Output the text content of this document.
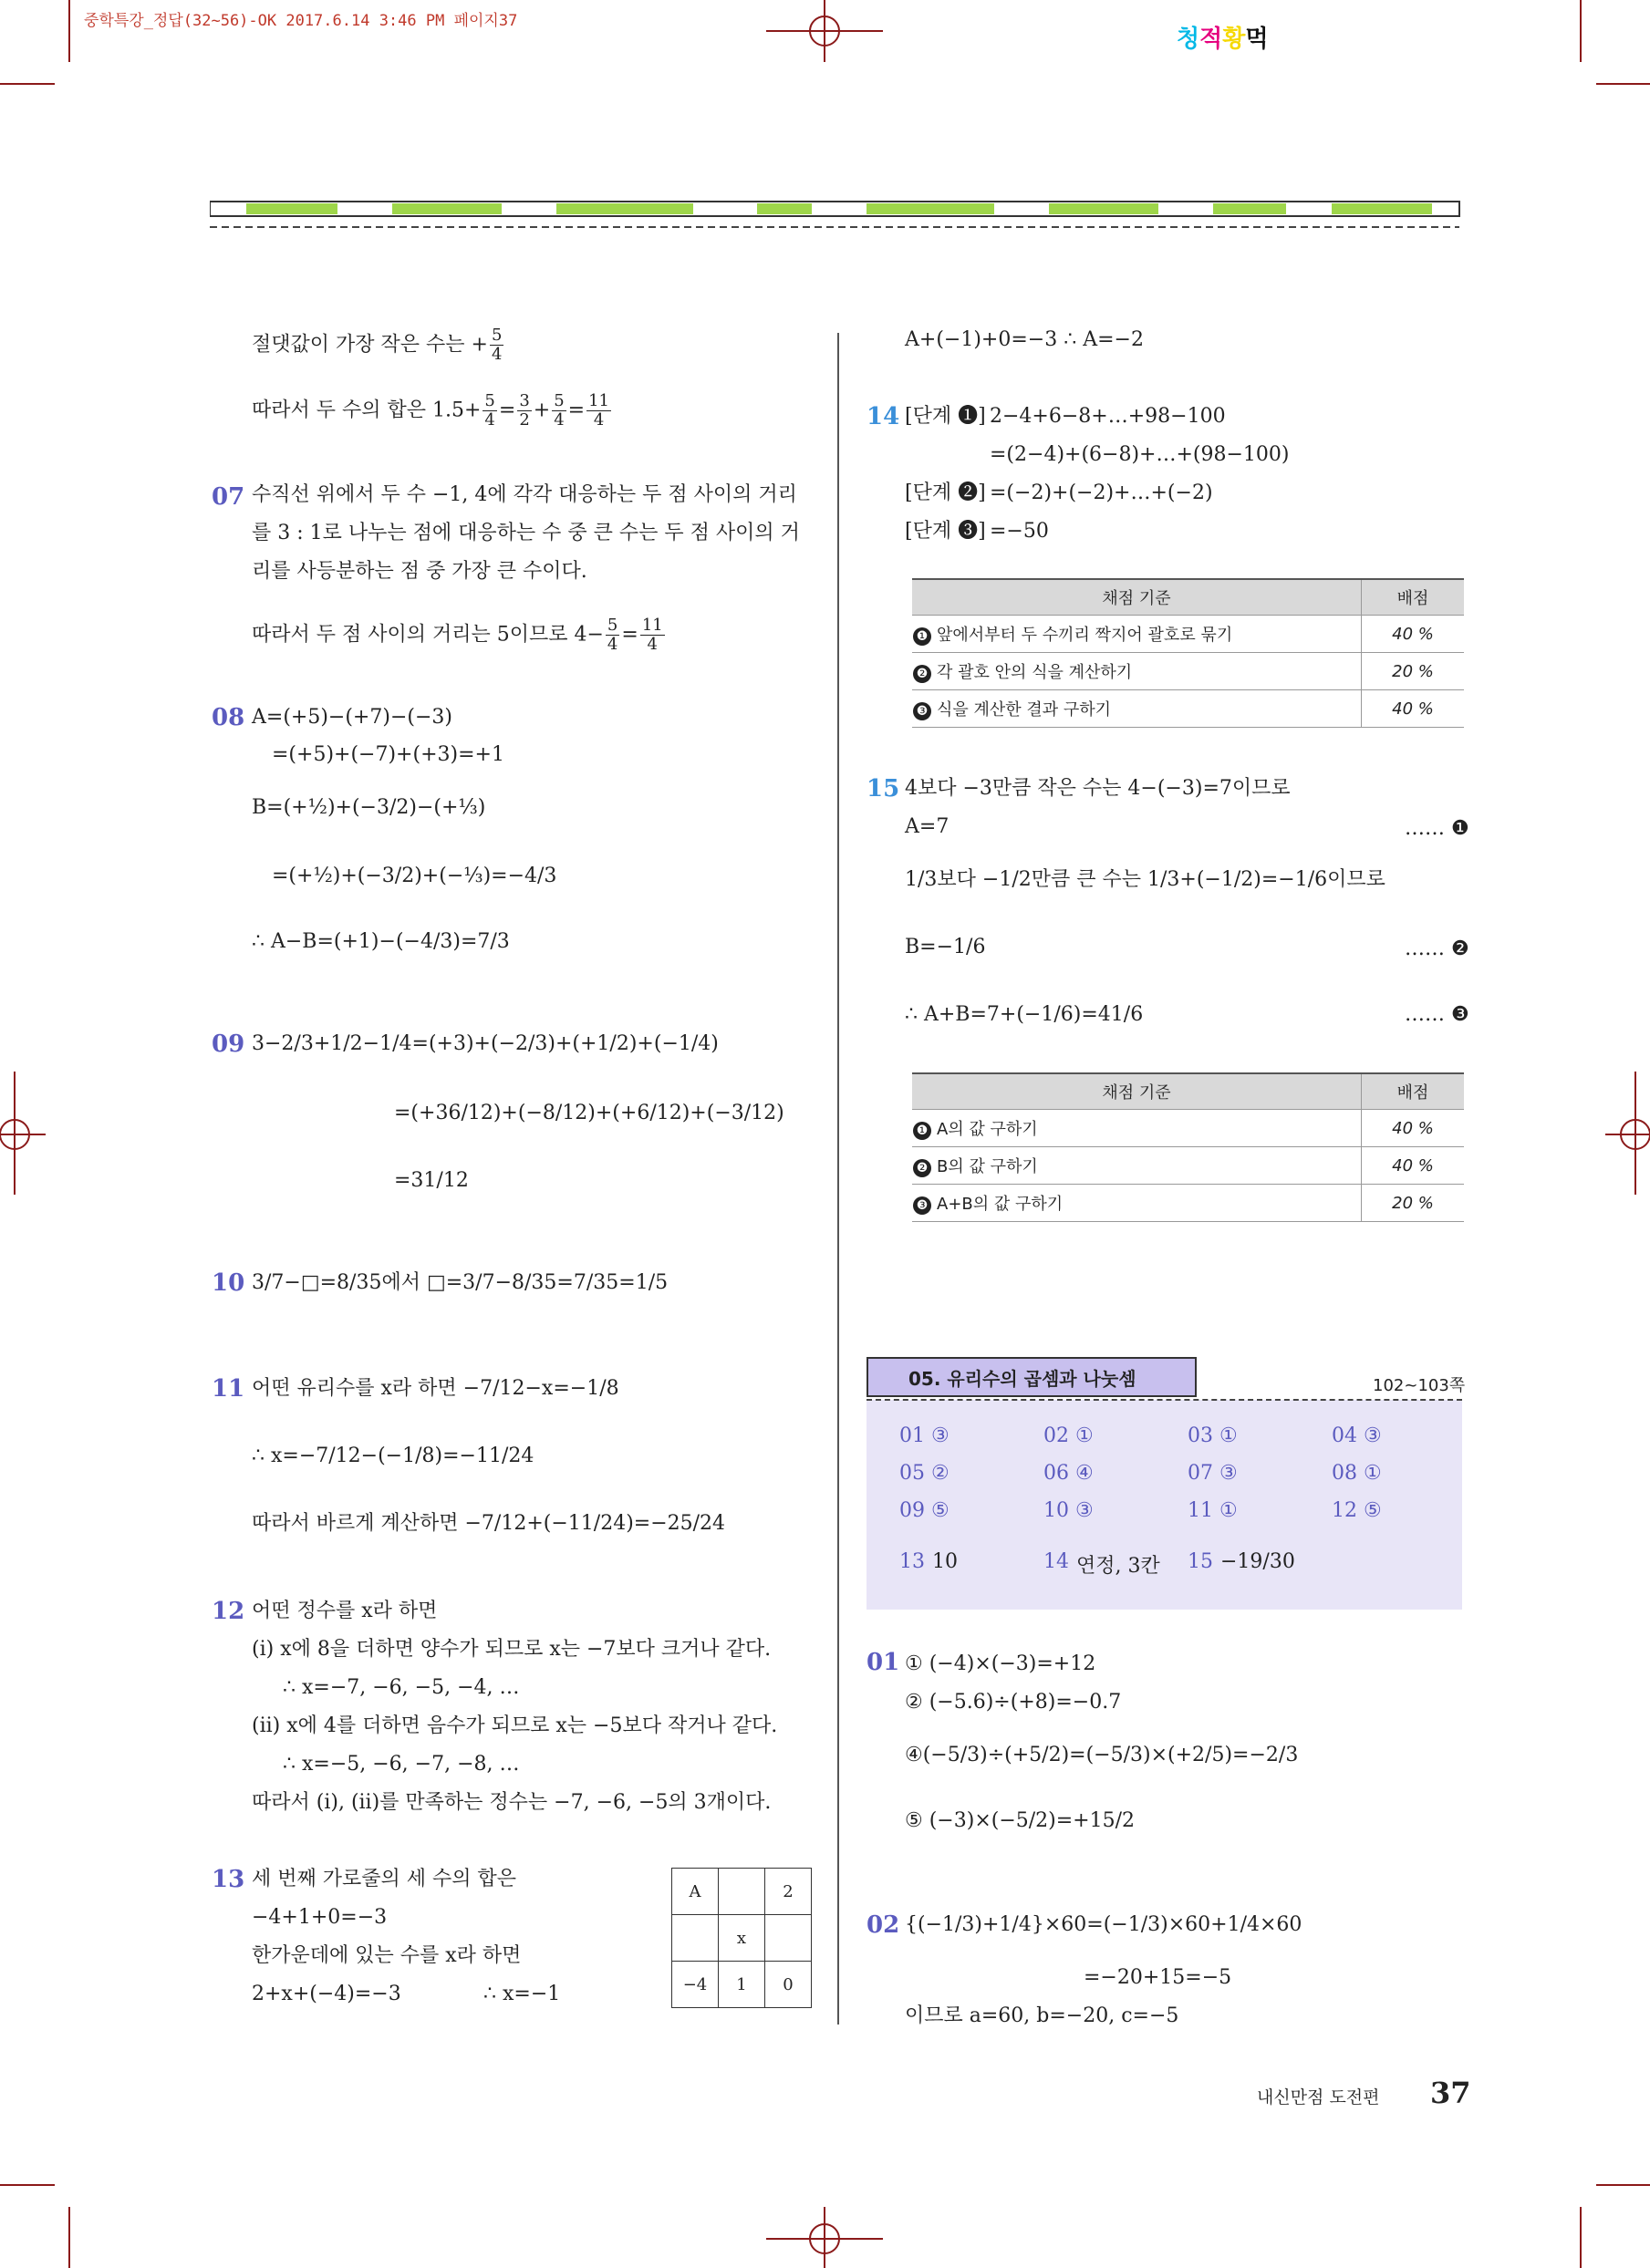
중학특강_정답(32~56)-OK 2017.6.14 3:46 PM 페이지37
청적황먹
절댓값이 가장 작은 수는 + $\frac{5}{4}$
따라서 두 수의 합은 $1.5+ \frac{5}{4} = \frac{3}{2} + \frac{5}{4} = \frac{11}{4}$
07 수직선 위에서 두 수 −1, 4에 각각 대응하는 두 점 사이의 거리
를 3 : 1로 나누는 점에 대응하는 수 중 큰 수는 두 점 사이의 거
리를 사등분하는 점 중 가장 큰 수이다.
따라서 두 점 사이의 거리는 5이므로 $4- \frac{5}{4} = \frac{11}{4}$
08 A=(+5)−(+7)−(−3)
=(+5)+(−7)+(+3)=+1
B=(+½)+(−3/2)−(+⅓)
=(+½)+(−3/2)+(−⅓)=−4/3
∴ A−B=(+1)−(−4/3)=7/3
09 3−2/3+1/2−1/4=(+3)+(−2/3)+(+1/2)+(−1/4)
=(+36/12)+(−8/12)+(+6/12)+(−3/12)
=31/12
10 3/7−□=8/35에서 □=3/7−8/35=7/35=1/5
11 어떤 유리수를 x라 하면 −7/12−x=−1/8
∴ x=−7/12−(−1/8)=−11/24
따라서 바르게 계산하면 −7/12+(−11/24)=−25/24
12 어떤 정수를 x라 하면
(i) x에 8을 더하면 양수가 되므로 x는 −7보다 크거나 같다.
∴ x=−7, −6, −5, −4, …
(ii) x에 4를 더하면 음수가 되므로 x는 −5보다 작거나 같다.
∴ x=−5, −6, −7, −8, …
따라서 (i), (ii)를 만족하는 정수는 −7, −6, −5의 3개이다.
13 세 번째 가로줄의 세 수의 합은
−4+1+0=−3
한가운데에 있는 수를 x라 하면
2+x+(−4)=−3	∴ x=−1
A		2
	x	
−4	1	0
A+(−1)+0=−3 ∴ A=−2
14 [단계 ❶] 2−4+6−8+…+98−100
=(2−4)+(6−8)+…+(98−100)
[단계 ❷] =(−2)+(−2)+…+(−2)
[단계 ❸] =−50
채점 기준	배점
❶ 앞에서부터 두 수끼리 짝지어 괄호로 묶기	40 %
❷ 각 괄호 안의 식을 계산하기	20 %
❸ 식을 계산한 결과 구하기	40 %
15 4보다 −3만큼 작은 수는 4−(−3)=7이므로
A=7
1/3보다 −1/2만큼 큰 수는 1/3+(−1/2)=−1/6이므로
B=−1/6
∴ A+B=7+(−1/6)=41/6
…… ❶
…… ❷
…… ❸
채점 기준	배점
❶ A의 값 구하기	40 %
❷ B의 값 구하기	40 %
❸ A+B의 값 구하기	20 %
05. 유리수의 곱셈과 나눗셈	102~103쪽
01 ③	02 ①	03 ①	04 ③
05 ②	06 ④	07 ③	08 ①
09 ⑤	10 ③	11 ①	12 ⑤
13 10	14 연정, 3칸 15 −19/30
01 ① (−4)×(−3)=+12
② (−5.6)÷(+8)=−0.7
④(−5/3)÷(+5/2)=(−5/3)×(+2/5)=−2/3
⑤ (−3)×(−5/2)=+15/2
02 {(−1/3)+1/4}×60=(−1/3)×60+1/4×60
=−20+15=−5
이므로 a=60, b=−20, c=−5
내신만점 도전편 37
